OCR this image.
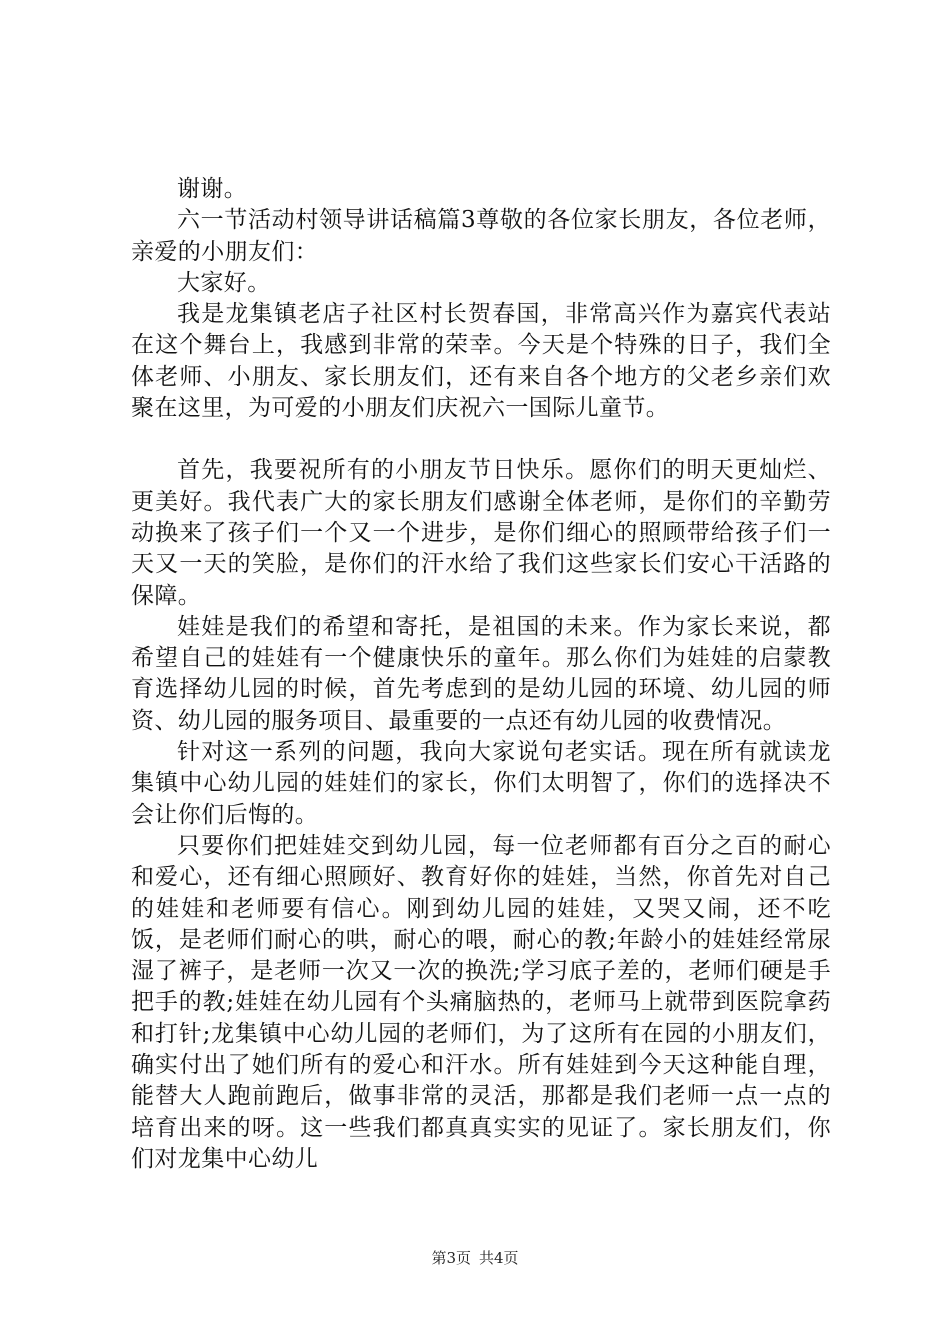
谢谢。

六一节活动村领导讲话稿篇3尊敬的各位家长朋友，各位老师，亲爱的小朋友们：

大家好。

我是龙集镇老店子社区村长贺春国，非常高兴作为嘉宾代表站在这个舞台上，我感到非常的荣幸。今天是个特殊的日子，我们全体老师、小朋友、家长朋友们，还有来自各个地方的父老乡亲们欢聚在这里，为可爱的小朋友们庆祝六一国际儿童节。

首先，我要祝所有的小朋友节日快乐。愿你们的明天更灿烂、更美好。我代表广大的家长朋友们感谢全体老师，是你们的辛勤劳动换来了孩子们一个又一个进步，是你们细心的照顾带给孩子们一天又一天的笑脸，是你们的汗水给了我们这些家长们安心干活路的保障。

娃娃是我们的希望和寄托，是祖国的未来。作为家长来说，都希望自己的娃娃有一个健康快乐的童年。那么你们为娃娃的启蒙教育选择幼儿园的时候，首先考虑到的是幼儿园的环境、幼儿园的师资、幼儿园的服务项目、最重要的一点还有幼儿园的收费情况。

针对这一系列的问题，我向大家说句老实话。现在所有就读龙集镇中心幼儿园的娃娃们的家长，你们太明智了，你们的选择决不会让你们后悔的。

只要你们把娃娃交到幼儿园，每一位老师都有百分之百的耐心和爱心，还有细心照顾好、教育好你的娃娃，当然，你首先对自己的娃娃和老师要有信心。刚到幼儿园的娃娃，又哭又闹，还不吃饭，是老师们耐心的哄，耐心的喂，耐心的教;年龄小的娃娃经常尿湿了裤子，是老师一次又一次的换洗;学习底子差的，老师们硬是手把手的教;娃娃在幼儿园有个头痛脑热的，老师马上就带到医院拿药和打针;龙集镇中心幼儿园的老师们，为了这所有在园的小朋友们，确实付出了她们所有的爱心和汗水。所有娃娃到今天这种能自理，能替大人跑前跑后，做事非常的灵活，那都是我们老师一点一点的培育出来的呀。这一些我们都真真实实的见证了。家长朋友们，你们对龙集中心幼儿

第3页 共4页
